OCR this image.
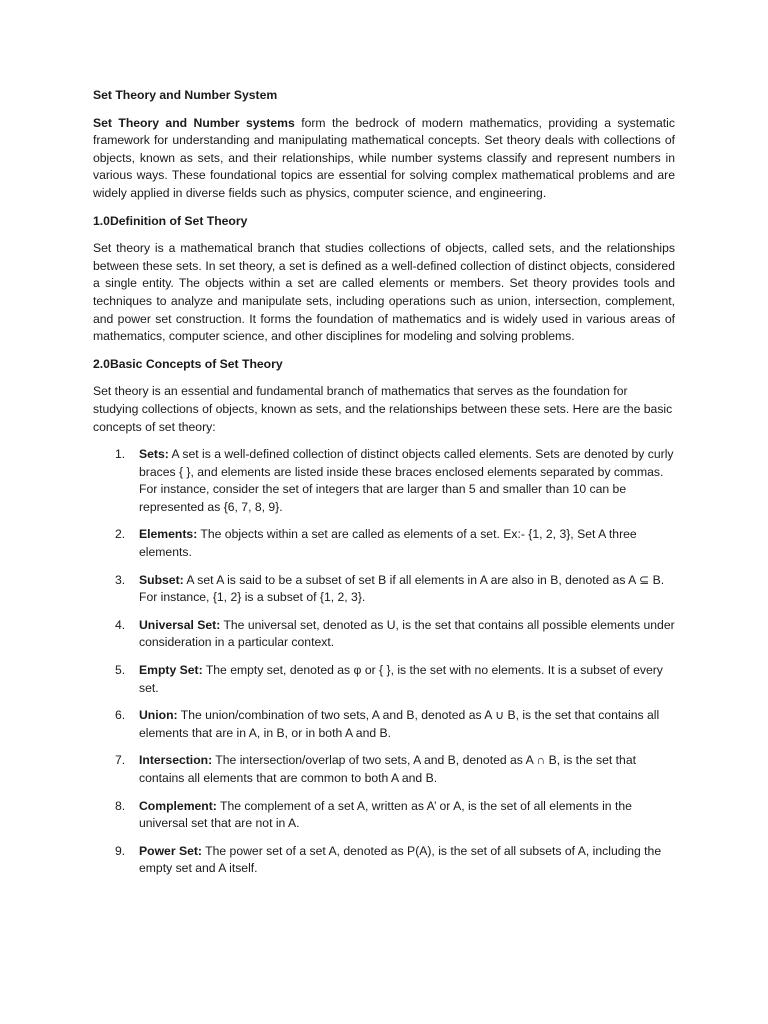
Set Theory and Number System

Set Theory and Number systems form the bedrock of modern mathematics, providing a systematic framework for understanding and manipulating mathematical concepts. Set theory deals with collections of objects, known as sets, and their relationships, while number systems classify and represent numbers in various ways. These foundational topics are essential for solving complex mathematical problems and are widely applied in diverse fields such as physics, computer science, and engineering.

1.0Definition of Set Theory

Set theory is a mathematical branch that studies collections of objects, called sets, and the relationships between these sets. In set theory, a set is defined as a well-defined collection of distinct objects, considered a single entity. The objects within a set are called elements or members. Set theory provides tools and techniques to analyze and manipulate sets, including operations such as union, intersection, complement, and power set construction. It forms the foundation of mathematics and is widely used in various areas of mathematics, computer science, and other disciplines for modeling and solving problems.

2.0Basic Concepts of Set Theory

Set theory is an essential and fundamental branch of mathematics that serves as the foundation for studying collections of objects, known as sets, and the relationships between these sets. Here are the basic concepts of set theory:

1. Sets: A set is a well-defined collection of distinct objects called elements. Sets are denoted by curly braces { }, and elements are listed inside these braces enclosed elements separated by commas. For instance, consider the set of integers that are larger than 5 and smaller than 10 can be represented as {6, 7, 8, 9}.
2. Elements: The objects within a set are called as elements of a set. Ex:- {1, 2, 3}, Set A three elements.
3. Subset: A set A is said to be a subset of set B if all elements in A are also in B, denoted as A ⊆ B. For instance, {1, 2} is a subset of {1, 2, 3}.
4. Universal Set: The universal set, denoted as U, is the set that contains all possible elements under consideration in a particular context.
5. Empty Set: The empty set, denoted as φ or { }, is the set with no elements. It is a subset of every set.
6. Union: The union/combination of two sets, A and B, denoted as A ∪ B, is the set that contains all elements that are in A, in B, or in both A and B.
7. Intersection: The intersection/overlap of two sets, A and B, denoted as A ∩ B, is the set that contains all elements that are common to both A and B.
8. Complement: The complement of a set A, written as A’ or A, is the set of all elements in the universal set that are not in A.
9. Power Set: The power set of a set A, denoted as P(A), is the set of all subsets of A, including the empty set and A itself.
